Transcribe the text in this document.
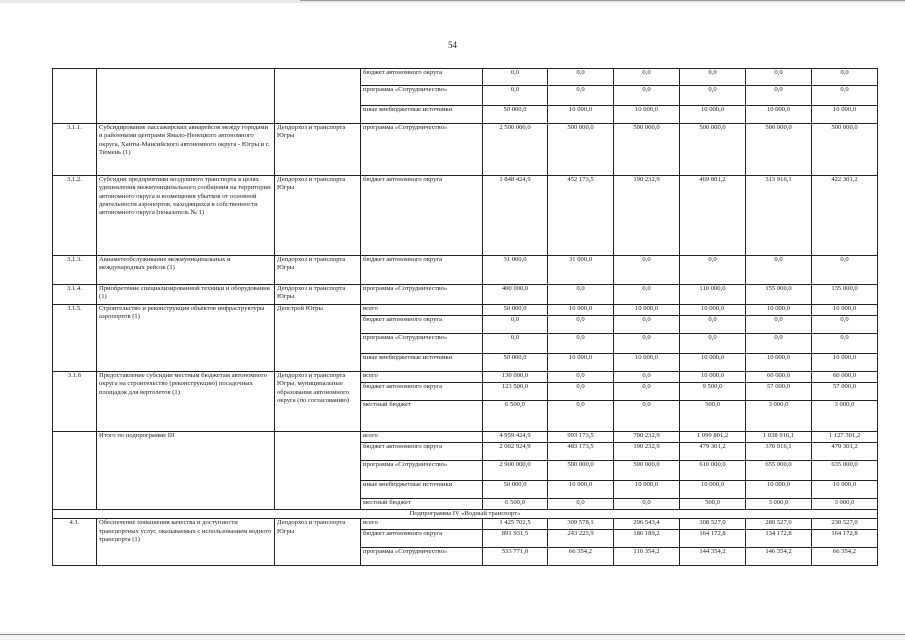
54
			бюджет автономного округа	0,0	0,0	0,0	0,0	0,0	0,0
			программа «Сотрудничество»	0,0	0,0	0,0	0,0	0,0	0,0
			иные внебюджетные источники	50 000,0	10 000,0	10 000,0	10 000,0	10 000,0	10 000,0
3.1.1.	Субсидирование пассажирских авиарейсов между городами и районными центрами Ямало-Ненецкого автономного округа, Ханты-Мансийского автономного округа - Югры и г. Тюмень (1)	Депдорхоз и транспорта Югры	программа «Сотрудничество»	2 500 000,0	500 000,0	500 000,0	500 000,0	500 000,0	500 000,0
3.1.2.	Субсидии предприятиям воздушного транспорта в целях удешевления межмуниципального сообщения на территории автономного округа и возмещения убытков от основной деятельности аэропортов, находящихся в собственности автономного округа (показатель № 1)	Депдорхоз и транспорта Югры	бюджет автономного округа	1 848 424,9	452 173,5	190 232,9	469 801,2	313 916,1	422 301,2
3.1.3.	Авиаметеобслуживание межмуниципальных и международных рейсов (1)	Депдорхоз и транспорта Югры	бюджет автономного округа	31 000,0	31 000,0	0,0	0,0	0,0	0,0
3.1.4.	Приобретение специализированной техники и оборудования (1)	Депдорхоз и транспорта Югры	программа «Сотрудничество»	400 000,0	0,0	0,0	110 000,0	155 000,0	135 000,0
3.1.5.	Строительство и реконструкция объектов инфраструктуры аэропортов (1)	Депстрой Югры	всего	50 000,0	10 000,0	10 000,0	10 000,0	10 000,0	10 000,0
			бюджет автономного округа	0,0	0,0	0,0	0,0	0,0	0,0
			программа «Сотрудничество»	0,0	0,0	0,0	0,0	0,0	0,0
			иные внебюджетные источники	50 000,0	10 000,0	10 000,0	10 000,0	10 000,0	10 000,0
3.1.6	Предоставление субсидии местным бюджетам автономного округа на строительство (реконструкцию) посадочных площадок для вертолетов (1)	Депдорхоз и транспорта Югры, муниципальные образования автономного округа (по согласованию)	всего	130 000,0	0,0	0,0	10 000,0	60 000,0	60 000,0
			бюджет автономного округа	123 500,0	0,0	0,0	9 500,0	57 000,0	57 000,0
			местный бюджет	6 500,0	0,0	0,0	500,0	3 000,0	3 000,0
	Итого по подпрограмме III		всего	4 959 424,9	993 173,5	700 232,9	1 099 801,2	1 038 916,1	1 127 301,2
			бюджет автономного округа	2 002 924,9	483 173,5	190 232,9	479 301,2	370 916,1	479 301,2
			программа «Сотрудничество»	2 900 000,0	500 000,0	500 000,0	610 000,0	655 000,0	635 000,0
			иные внебюджетные источники	50 000,0	10 000,0	10 000,0	10 000,0	10 000,0	10 000,0
			местный бюджет	6 500,0	0,0	0,0	500,0	3 000,0	3 000,0
Подпрограмма IV «Водный транспорт»									
4.1.	Обеспечение повышения качества и доступности транспортных услуг, оказываемых с использованием водного транспорта (1)	Депдорхоз и транспорта Югры	всего	1 425 702,5	309 578,1	296 543,4	308 527,0	280 527,0	230 527,0
			бюджет автономного округа	891 931,5	243 223,9	186 189,2	164 172,8	134 172,8	164 172,8
			программа «Сотрудничество»	533 771,0	66 354,2	110 354,2	144 354,2	146 354,2	66 354,2
